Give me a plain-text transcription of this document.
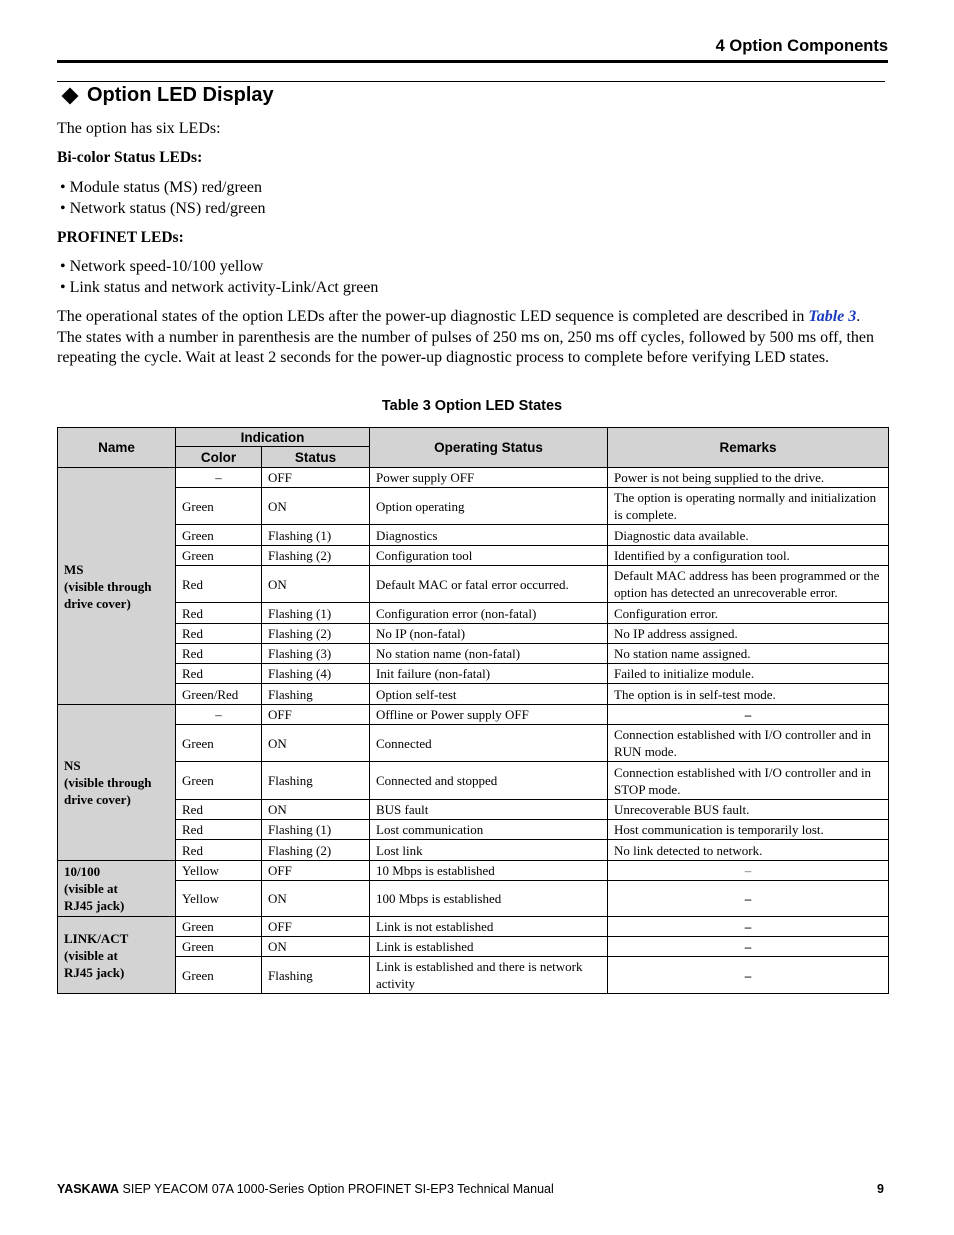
4 Option Components
Option LED Display
The option has six LEDs:
Bi-color Status LEDs:
• Module status (MS) red/green
• Network status (NS) red/green
PROFINET LEDs:
• Network speed-10/100 yellow
• Link status and network activity-Link/Act green
The operational states of the option LEDs after the power-up diagnostic LED sequence is completed are described in Table 3. The states with a number in parenthesis are the number of pulses of 250 ms on, 250 ms off cycles, followed by 500 ms off, then repeating the cycle. Wait at least 2 seconds for the power-up diagnostic process to complete before verifying LED states.
Table 3 Option LED States
Name	Indication		Operating Status	Remarks
	Color	Status		

MS
(visible through
drive cover)	–	OFF	Power supply OFF	Power is not being supplied to the drive.
	Green	ON	Option operating	The option is operating normally and initialization is complete.
	Green	Flashing (1)	Diagnostics	Diagnostic data available.
	Green	Flashing (2)	Configuration tool	Identified by a configuration tool.
	Red	ON	Default MAC or fatal error occurred.	Default MAC address has been programmed or the option has detected an unrecoverable error.
	Red	Flashing (1)	Configuration error (non-fatal)	Configuration error.
	Red	Flashing (2)	No IP (non-fatal)	No IP address assigned.
	Red	Flashing (3)	No station name (non-fatal)	No station name assigned.
	Red	Flashing (4)	Init failure (non-fatal)	Failed to initialize module.
	Green/Red	Flashing	Option self-test	The option is in self-test mode.

NS
(visible through
drive cover)	–	OFF	Offline or Power supply OFF	–
	Green	ON	Connected	Connection established with I/O controller and in RUN mode.
	Green	Flashing	Connected and stopped	Connection established with I/O controller and in STOP mode.
	Red	ON	BUS fault	Unrecoverable BUS fault.
	Red	Flashing (1)	Lost communication	Host communication is temporarily lost.
	Red	Flashing (2)	Lost link	No link detected to network.

10/100
(visible at
RJ45 jack)	Yellow	OFF	10 Mbps is established	–
	Yellow	ON	100 Mbps is established	–

LINK/ACT
(visible at
RJ45 jack)	Green	OFF	Link is not established	–
	Green	ON	Link is established	–
	Green	Flashing	Link is established and there is network activity	–
YASKAWA SIEP YEACOM 07A 1000-Series Option PROFINET SI-EP3 Technical Manual	9
